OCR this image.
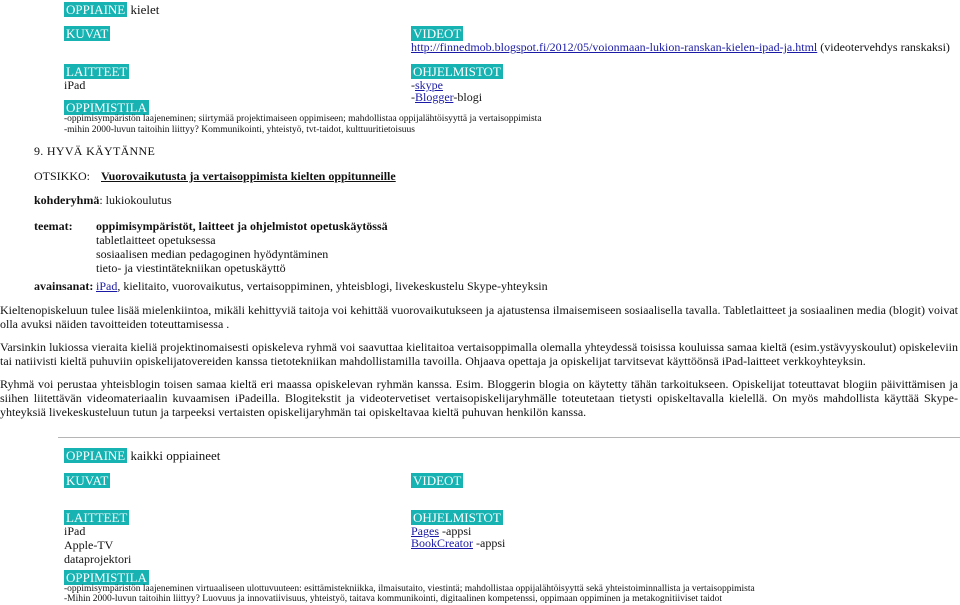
OPPIAINE kielet
KUVAT	VIDEOT
http://finnedmob.blogspot.fi/2012/05/voionmaan-lukion-ranskan-kielen-ipad-ja.html (videotervehdys ranskaksi)
LAITTEET
iPad
OHJELMISTOT
-skype
-Blogger-blogi
OPPIMISTILA
-oppimisympäristön laajeneminen; siirtymää projektimaiseen oppimiseen; mahdollistaa oppijalähtöisyyttä ja vertaisoppimista
-mihin 2000-luvun taitoihin liittyy? Kommunikointi, yhteistyö, tvt-taidot, kulttuuritietoisuus
9. HYVÄ KÄYTÄNNE
OTSIKKO: Vuorovaikutusta ja vertaisoppimista kielten oppitunneille
kohderyhmä: lukiokoulutus
teemat: oppimisympäristöt, laitteet ja ohjelmistot opetuskäytössä
tabletlaitteet opetuksessa
sosiaalisen median pedagoginen hyödyntäminen
tieto- ja viestintätekniikan opetuskäyttö
avainsanat: iPad, kielitaito, vuorovaikutus, vertaisoppiminen, yhteisblogi, livekeskustelu Skype-yhteyksin
Kieltenopiskeluun tulee lisää mielenkiintoa, mikäli kehittyviä taitoja voi kehittää vuorovaikutukseen ja ajatustensa ilmaisemiseen sosiaalisella tavalla. Tabletlaitteet ja sosiaalinen media (blogit) voivat olla avuksi näiden tavoitteiden toteuttamisessa .
Varsinkin lukiossa vieraita kieliä projektinomaisesti opiskeleva ryhmä voi saavuttaa kielitaitoa vertaisoppimalla olemalla yhteydessä toisissa kouluissa samaa kieltä (esim.ystävyyskoulut) opiskeleviin tai natiivisti kieltä puhuviin opiskelijatovereiden kanssa tietotekniikan mahdollistamilla tavoilla. Ohjaava opettaja ja opiskelijat tarvitsevat käyttöönsä iPad-laitteet verkkoyhteyksin.
Ryhmä voi perustaa yhteisblogin toisen samaa kieltä eri maassa opiskelevan ryhmän kanssa. Esim. Bloggerin blogia on käytetty tähän tarkoitukseen. Opiskelijat toteuttavat blogiin päivittämisen ja siihen liitettävän videomateriaalin kuvaamisen iPadeilla. Blogitekstit ja videotervetiset vertaisopiskelijaryhmälle toteutetaan tietysti opiskeltavalla kielellä. On myös mahdollista käyttää Skype-yhteyksiä livekeskusteluun tutun ja tarpeeksi vertaisten opiskelijaryhmän tai opiskeltavaa kieltä puhuvan henkilön kanssa.
OPPIAINE kaikki oppiaineet
KUVAT	VIDEOT
LAITTEET
iPad
Apple-TV
dataprojektori
OHJELMISTOT
Pages -appsi
BookCreator -appsi
OPPIMISTILA
-oppimisympäristön laajeneminen virtuaaliseen ulottuvuuteen: esittämistekniikka, ilmaisutaito, viestintä; mahdollistaa oppijalähtöisyyttä sekä yhteistoiminnallista ja vertaisoppimista
-Mihin 2000-luvun taitoihin liittyy? Luovuus ja innovatiivisuus, yhteistyö, taitava kommunikointi, digitaalinen kompetenssi, oppimaan oppiminen ja metakognitiiviset taidot
